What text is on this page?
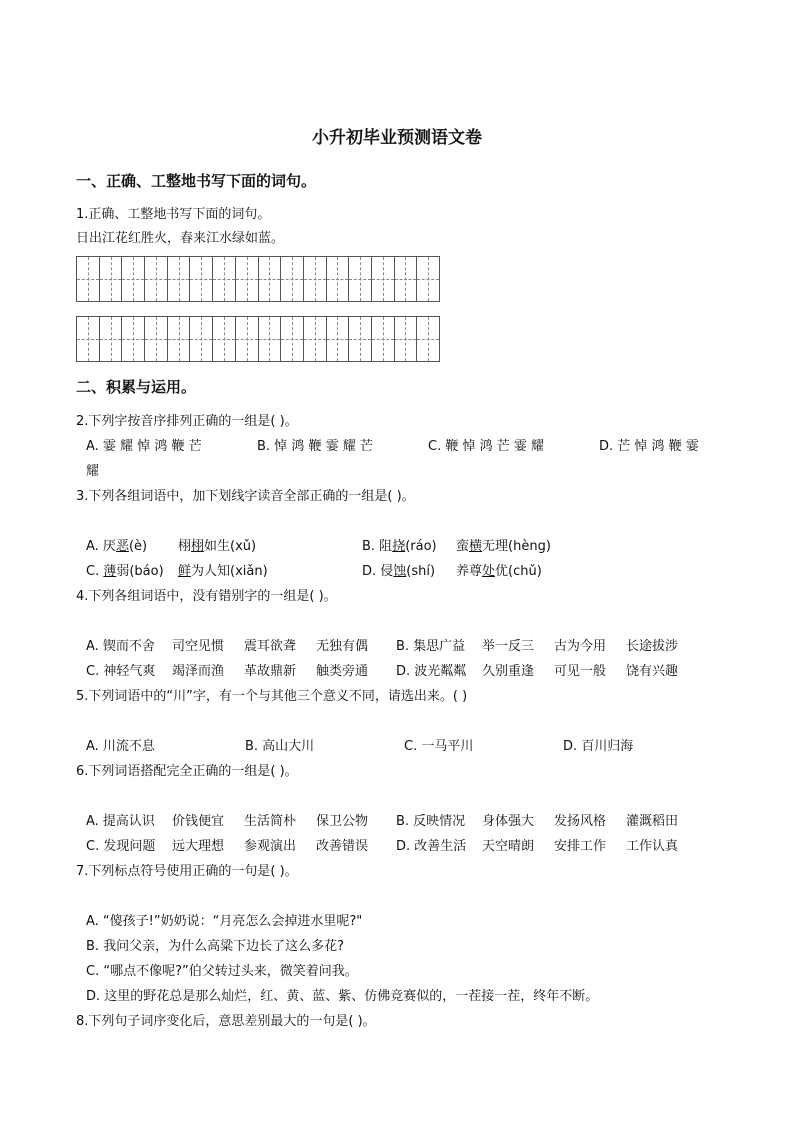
小升初毕业预测语文卷
一、正确、工整地书写下面的词句。
1.正确、工整地书写下面的词句。
日出江花红胜火，春来江水绿如蓝。
二、积累与运用。
2.下列字按音序排列正确的一组是( )。
A. 霎 耀 悼 鸿 鞭 芒	B. 悼 鸿 鞭 霎 耀 芒	C. 鞭 悼 鸿 芒 霎 耀	D. 芒 悼 鸿 鞭 霎
耀
3.下列各组词语中，加下划线字读音全部正确的一组是( )。
A. 厌恶(è) 栩栩如生(xǔ)	B. 阻挠(ráo) 蛮横无理(hèng)
C. 薄弱(báo) 鲜为人知(xiǎn)	D. 侵蚀(shí) 养尊处优(chǔ)
4.下列各组词语中，没有错别字的一组是( )。
A. 锲而不舍 司空见惯 震耳欲聋 无独有偶 B. 集思广益 举一反三 古为今用 长途拔涉
C. 神轻气爽 竭泽而渔 革故鼎新 触类旁通 D. 波光粼粼 久别重逢 可见一般 饶有兴趣
5.下列词语中的“川”字，有一个与其他三个意义不同，请选出来。( )
A. 川流不息	B. 高山大川	C. 一马平川	D. 百川归海
6.下列词语搭配完全正确的一组是( )。
A. 提高认识 价钱便宜 生活简朴 保卫公物 B. 反映情况 身体强大 发扬风格 灌溉稻田
C. 发现问题 远大理想 参观演出 改善错误 D. 改善生活 天空晴朗 安排工作 工作认真
7.下列标点符号使用正确的一句是( )。
A. “傻孩子!”奶奶说：“月亮怎么会掉进水里呢?"
B. 我问父亲，为什么高粱下边长了这么多花?
C. “哪点不像呢?”伯父转过头来，微笑着问我。
D. 这里的野花总是那么灿烂，红、黄、蓝、紫、仿佛竞赛似的，一茬接一茬，终年不断。
8.下列句子词序变化后，意思差别最大的一句是( )。
